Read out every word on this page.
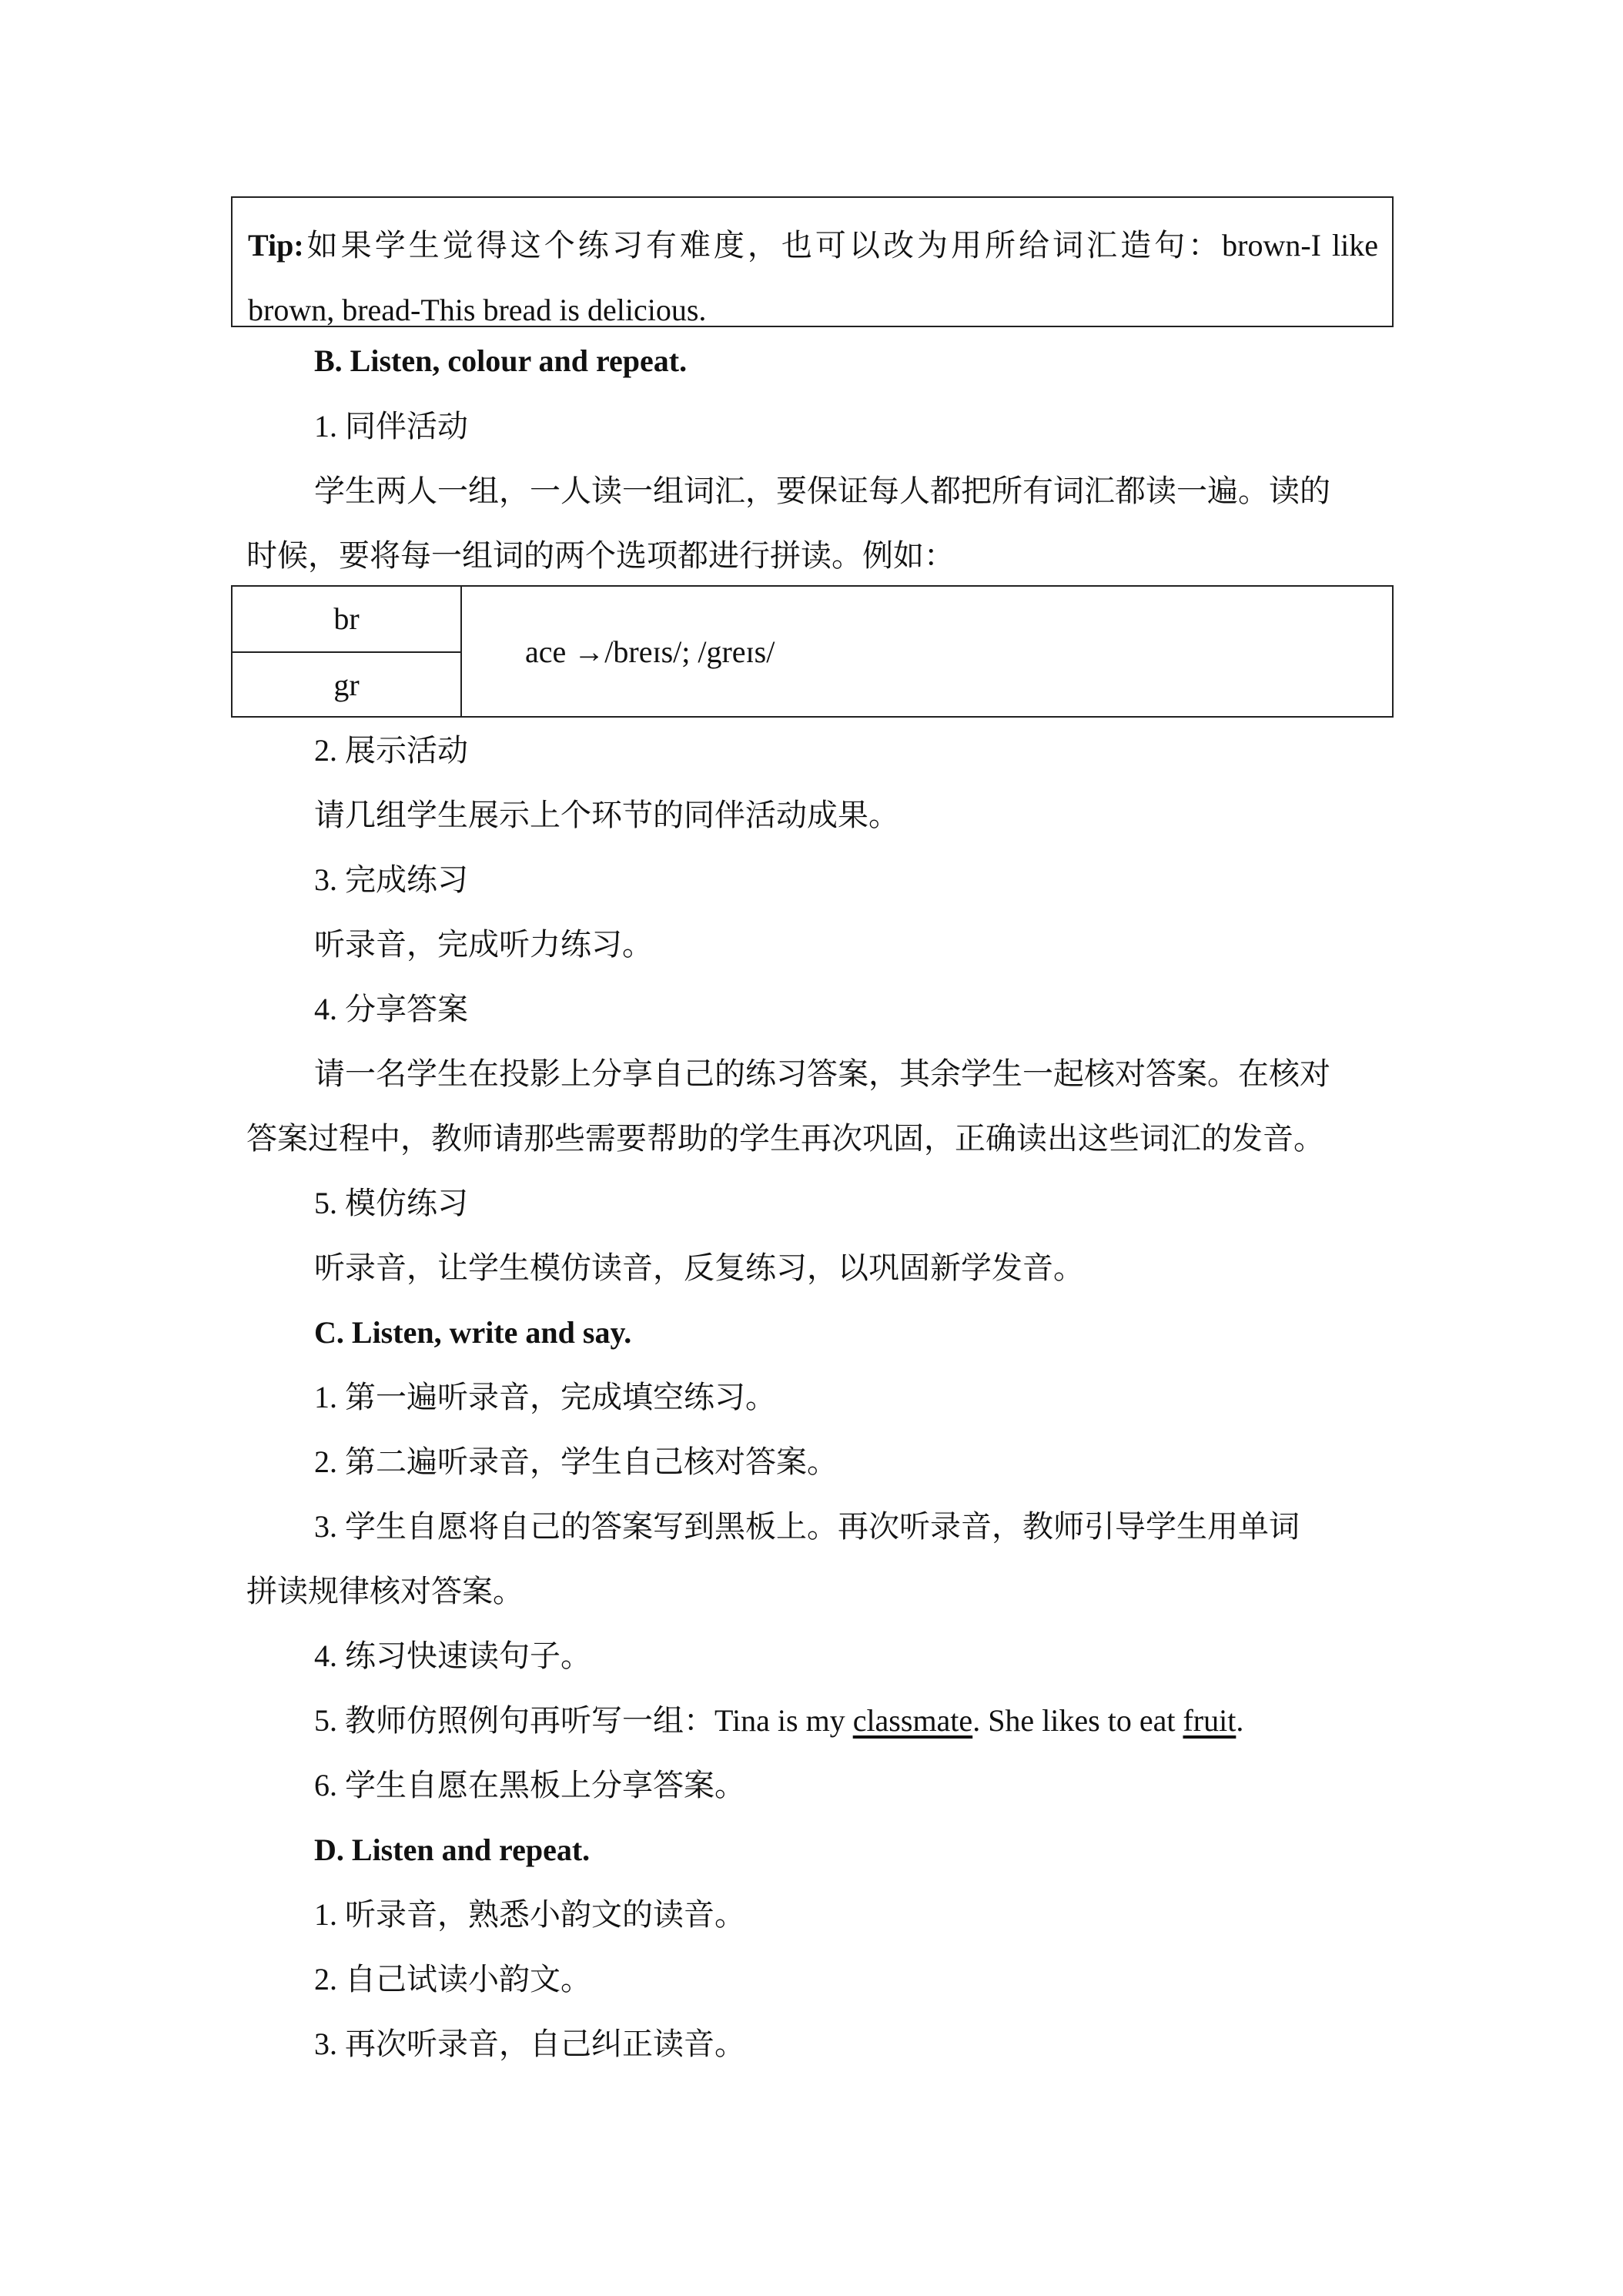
Tip:如果学生觉得这个练习有难度，也可以改为用所给词汇造句：brown-I like
brown, bread-This bread is delicious.
B. Listen, colour and repeat.
1. 同伴活动
学生两人一组，一人读一组词汇，要保证每人都把所有词汇都读一遍。读的
时候，要将每一组词的两个选项都进行拼读。例如：
br
gr
ace →/breɪs/; /greɪs/
2. 展示活动
请几组学生展示上个环节的同伴活动成果。
3. 完成练习
听录音，完成听力练习。
4. 分享答案
请一名学生在投影上分享自己的练习答案，其余学生一起核对答案。在核对
答案过程中，教师请那些需要帮助的学生再次巩固，正确读出这些词汇的发音。
5. 模仿练习
听录音，让学生模仿读音，反复练习，以巩固新学发音。
C. Listen, write and say.
1. 第一遍听录音，完成填空练习。
2. 第二遍听录音，学生自己核对答案。
3. 学生自愿将自己的答案写到黑板上。再次听录音，教师引导学生用单词
拼读规律核对答案。
4. 练习快速读句子。
5. 教师仿照例句再听写一组：Tina is my classmate. She likes to eat fruit.
6. 学生自愿在黑板上分享答案。
D. Listen and repeat.
1. 听录音，熟悉小韵文的读音。
2. 自己试读小韵文。
3. 再次听录音，自己纠正读音。
